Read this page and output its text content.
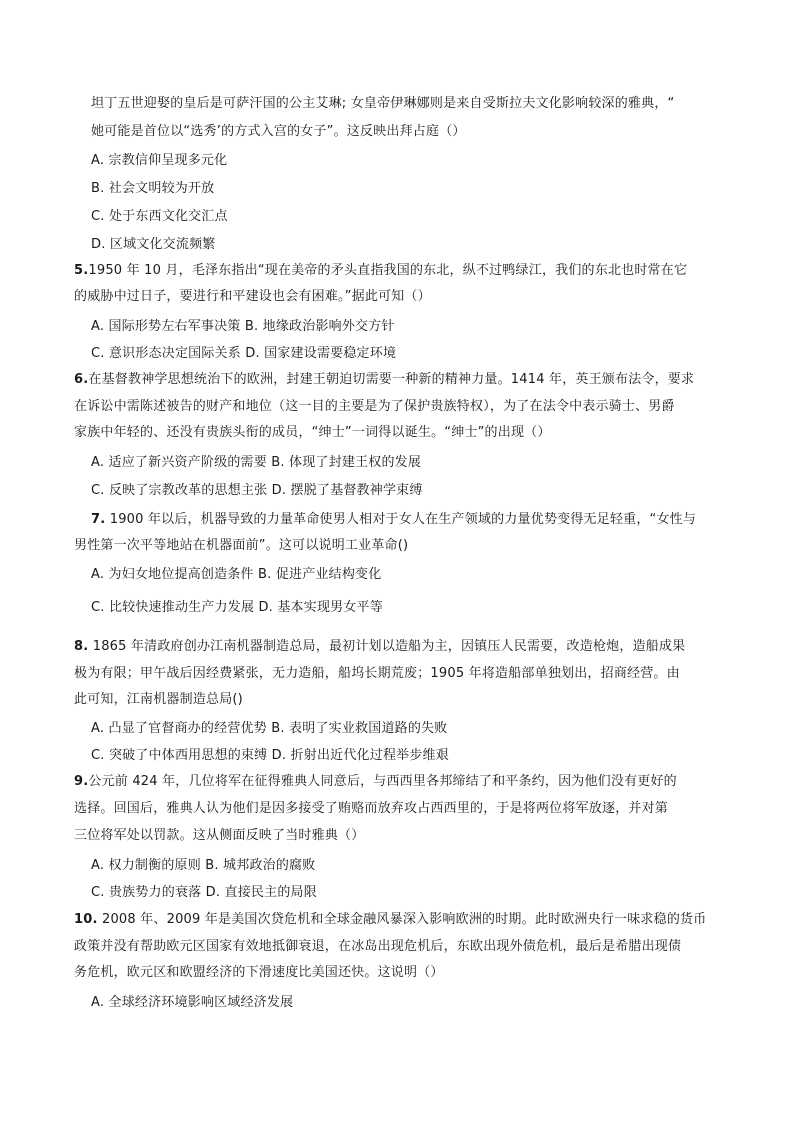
坦丁五世迎娶的皇后是可萨汗国的公主艾琳; 女皇帝伊琳娜则是来自受斯拉夫文化影响较深的雅典，“
她可能是首位以“选秀’的方式入宫的女子”。这反映出拜占庭（）
A. 宗教信仰呈现多元化
B. 社会文明较为开放
C. 处于东西文化交汇点
D. 区域文化交流频繁
5.1950 年 10 月，毛泽东指出“现在美帝的矛头直指我国的东北，纵不过鸭绿江，我们的东北也时常在它
的威胁中过日子，要进行和平建设也会有困难。”据此可知（）
A. 国际形势左右军事决策 B. 地缘政治影响外交方针
C. 意识形态决定国际关系 D. 国家建设需要稳定环境
6.在基督教神学思想统治下的欧洲，封建王朝迫切需要一种新的精神力量。1414 年，英王颁布法令，要求
在诉讼中需陈述被告的财产和地位（这一目的主要是为了保护贵族特权），为了在法令中表示骑士、男爵
家族中年轻的、还没有贵族头衔的成员，“绅士”一词得以诞生。“绅士”的出现（）
A. 适应了新兴资产阶级的需要 B. 体现了封建王权的发展
C. 反映了宗教改革的思想主张 D. 摆脱了基督教神学束缚
7. 1900 年以后，机器导致的力量革命使男人相对于女人在生产领域的力量优势变得无足轻重，“女性与
男性第一次平等地站在机器面前”。这可以说明工业革命()
A. 为妇女地位提高创造条件 B. 促进产业结构变化
C. 比较快速推动生产力发展 D. 基本实现男女平等
8. 1865 年清政府创办江南机器制造总局，最初计划以造船为主，因镇压人民需要，改造枪炮，造船成果
极为有限；甲午战后因经费紧张，无力造船，船坞长期荒废；1905 年将造船部单独划出，招商经营。由
此可知，江南机器制造总局()
A. 凸显了官督商办的经营优势 B. 表明了实业救国道路的失败
C. 突破了中体西用思想的束缚 D. 折射出近代化过程举步维艰
9.公元前 424 年，几位将军在征得雅典人同意后，与西西里各邦缔结了和平条约，因为他们没有更好的
选择。回国后，雅典人认为他们是因多接受了贿赂而放弃攻占西西里的，于是将两位将军放逐，并对第
三位将军处以罚款。这从侧面反映了当时雅典（）
A. 权力制衡的原则 B. 城邦政治的腐败
C. 贵族势力的衰落 D. 直接民主的局限
10. 2008 年、2009 年是美国次贷危机和全球金融风暴深入影响欧洲的时期。此时欧洲央行一味求稳的货币
政策并没有帮助欧元区国家有效地抵御衰退，在冰岛出现危机后，东欧出现外债危机，最后是希腊出现债
务危机，欧元区和欧盟经济的下滑速度比美国还快。这说明（）
A. 全球经济环境影响区域经济发展
